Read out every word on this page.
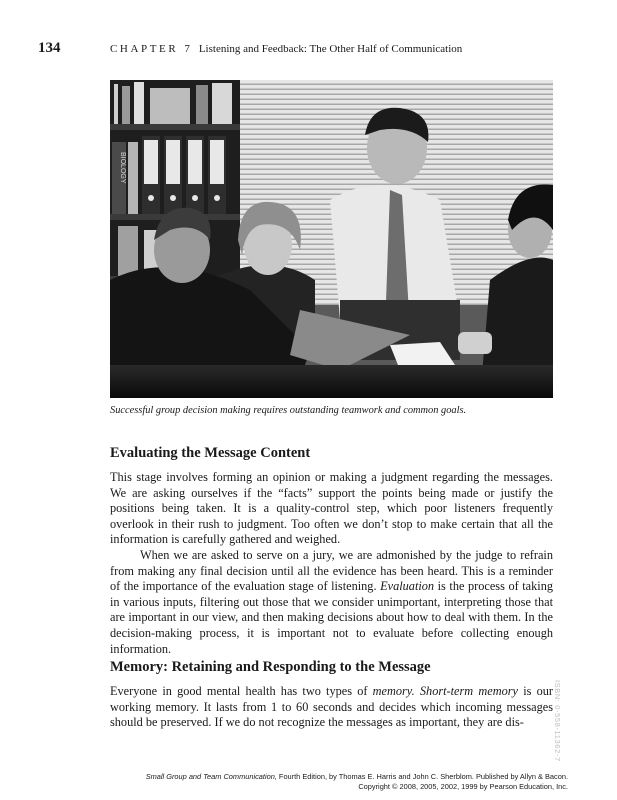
134	CHAPTER 7 Listening and Feedback: The Other Half of Communication
BIOLOGY
Successful group decision making requires outstanding teamwork and common goals.
Evaluating the Message Content

This stage involves forming an opinion or making a judgment regarding the messages. We are asking ourselves if the “facts” support the points being made or justify the positions being taken. It is a quality-control step, which poor listeners frequently overlook in their rush to judgment. Too often we don’t stop to make certain that all the information is carefully gathered and weighed.

When we are asked to serve on a jury, we are admonished by the judge to refrain from making any final decision until all the evidence has been heard. This is a reminder of the importance of the evaluation stage of listening. Evaluation is the process of taking in various inputs, filtering out those that we consider unimportant, interpreting those that are important in our view, and then making decisions about how to deal with them. In the decision-making process, it is important not to evaluate before collecting enough information.

Memory: Retaining and Responding to the Message

Everyone in good mental health has two types of memory. Short-term memory is our working memory. It lasts from 1 to 60 seconds and decides which incoming messages should be preserved. If we do not recognize the messages as important, they are dis-	ISBN: 0-558-11362-7
Small Group and Team Communication, Fourth Edition, by Thomas E. Harris and John C. Sherblom. Published by Allyn & Bacon.
Copyright © 2008, 2005, 2002, 1999 by Pearson Education, Inc.
